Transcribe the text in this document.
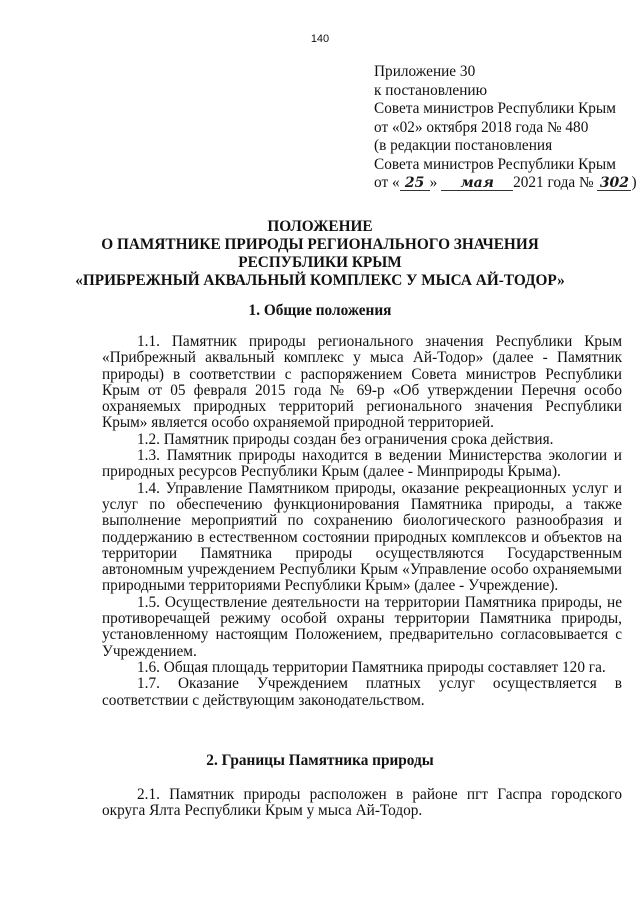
140
Приложение 30
к постановлению
Совета министров Республики Крым
от «02» октября 2018 года № 480
(в редакции постановления
Совета министров Республики Крым
от « 25 » мая 2021 года № 302 )
ПОЛОЖЕНИЕ
О ПАМЯТНИКЕ ПРИРОДЫ РЕГИОНАЛЬНОГО ЗНАЧЕНИЯ
РЕСПУБЛИКИ КРЫМ
«ПРИБРЕЖНЫЙ АКВАЛЬНЫЙ КОМПЛЕКС У МЫСА АЙ-ТОДОР»
1. Общие положения

1.1. Памятник природы регионального значения Республики Крым «Прибрежный аквальный комплекс у мыса Ай-Тодор» (далее - Памятник природы) в соответствии с распоряжением Совета министров Республики Крым от 05 февраля 2015 года № 69-р «Об утверждении Перечня особо охраняемых природных территорий регионального значения Республики Крым» является особо охраняемой природной территорией.

1.2. Памятник природы создан без ограничения срока действия.

1.3. Памятник природы находится в ведении Министерства экологии и природных ресурсов Республики Крым (далее - Минприроды Крыма).

1.4. Управление Памятником природы, оказание рекреационных услуг и услуг по обеспечению функционирования Памятника природы, а также выполнение мероприятий по сохранению биологического разнообразия и поддержанию в естественном состоянии природных комплексов и объектов на территории Памятника природы осуществляются Государственным автономным учреждением Республики Крым «Управление особо охраняемыми природными территориями Республики Крым» (далее - Учреждение).

1.5. Осуществление деятельности на территории Памятника природы, не противоречащей режиму особой охраны территории Памятника природы, установленному настоящим Положением, предварительно согласовывается с Учреждением.

1.6. Общая площадь территории Памятника природы составляет 120 га.

1.7. Оказание Учреждением платных услуг осуществляется в соответствии с действующим законодательством.

2. Границы Памятника природы

2.1. Памятник природы расположен в районе пгт Гаспра городского округа Ялта Республики Крым у мыса Ай-Тодор.
